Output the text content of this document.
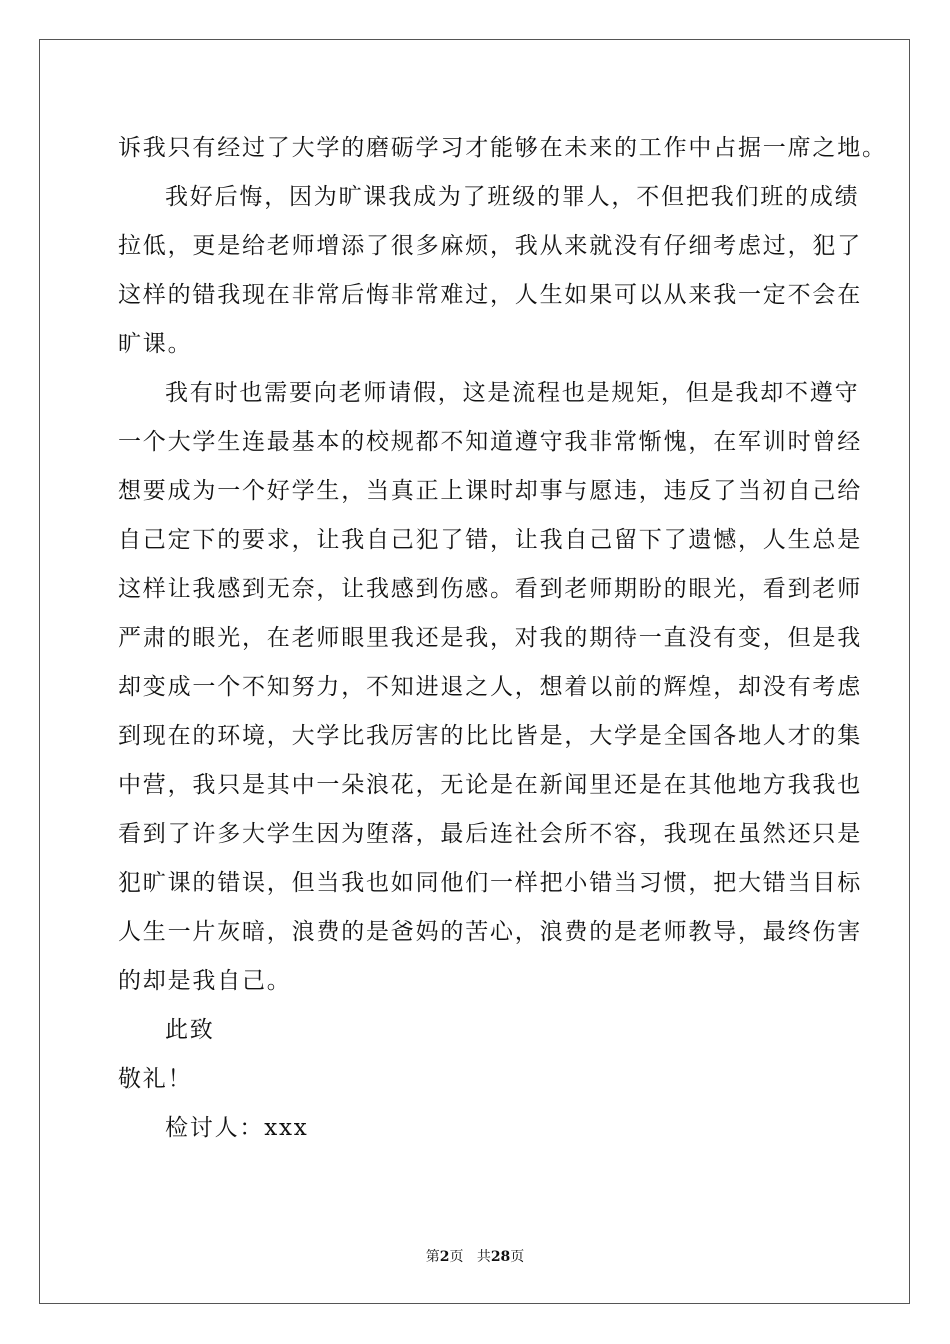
诉我只有经过了大学的磨砺学习才能够在未来的工作中占据一席之地。
我好后悔，因为旷课我成为了班级的罪人，不但把我们班的成绩
拉低，更是给老师增添了很多麻烦，我从来就没有仔细考虑过，犯了
这样的错我现在非常后悔非常难过，人生如果可以从来我一定不会在
旷课。
我有时也需要向老师请假，这是流程也是规矩，但是我却不遵守
一个大学生连最基本的校规都不知道遵守我非常惭愧，在军训时曾经
想要成为一个好学生，当真正上课时却事与愿违，违反了当初自己给
自己定下的要求，让我自己犯了错，让我自己留下了遗憾，人生总是
这样让我感到无奈，让我感到伤感。看到老师期盼的眼光，看到老师
严肃的眼光，在老师眼里我还是我，对我的期待一直没有变，但是我
却变成一个不知努力，不知进退之人，想着以前的辉煌，却没有考虑
到现在的环境，大学比我厉害的比比皆是，大学是全国各地人才的集
中营，我只是其中一朵浪花，无论是在新闻里还是在其他地方我我也
看到了许多大学生因为堕落，最后连社会所不容，我现在虽然还只是
犯旷课的错误，但当我也如同他们一样把小错当习惯，把大错当目标
人生一片灰暗，浪费的是爸妈的苦心，浪费的是老师教导，最终伤害
的却是我自己。
此致
敬礼！
检讨人：xxx
第2页 共28页
